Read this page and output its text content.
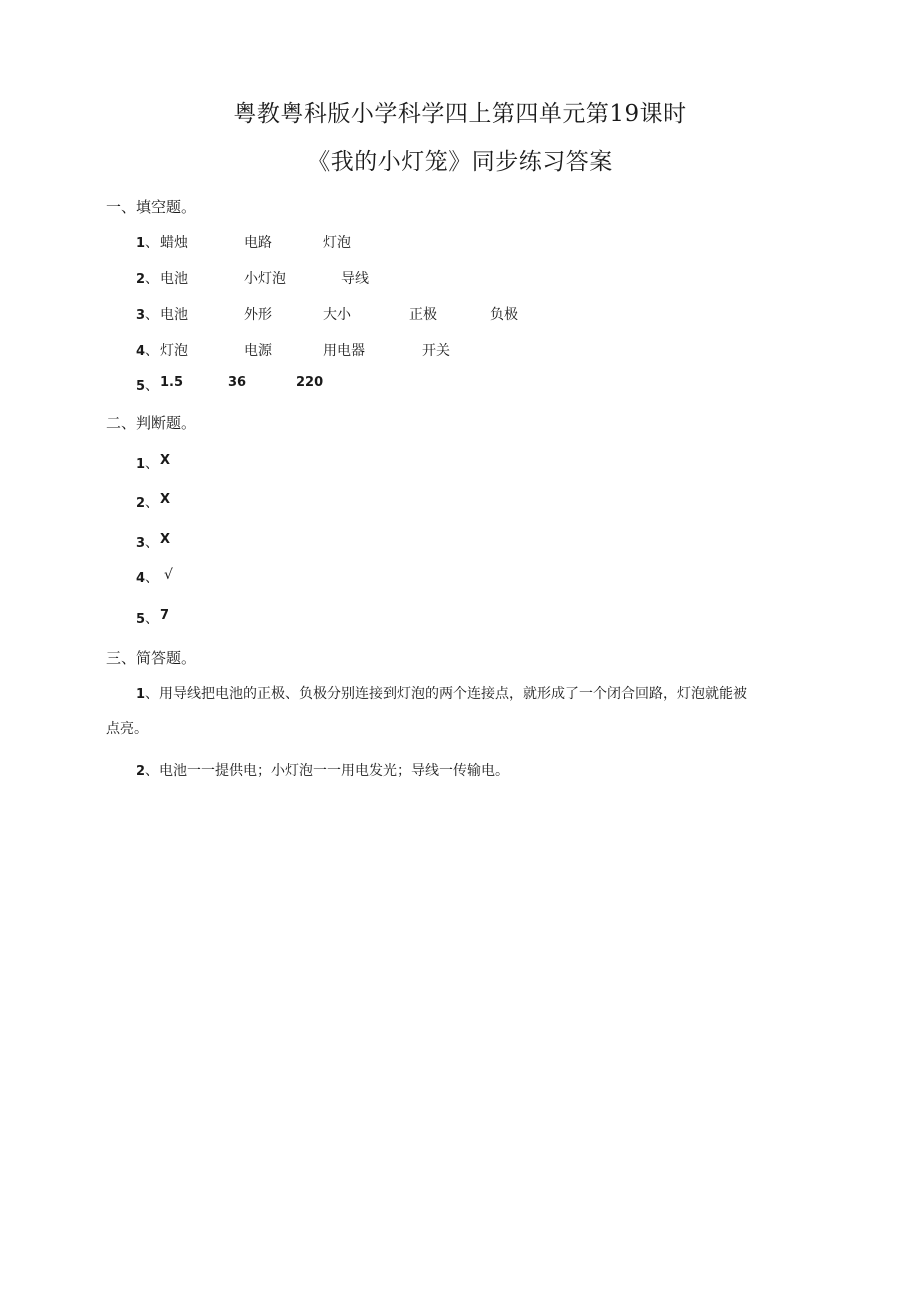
粤教粤科版小学科学四上第四单元第19课时
《我的小灯笼》同步练习答案
一、填空题。
1、 蜡烛	电路	灯泡
2、 电池	小灯泡	导线
3、 电池	外形	大小	正极	负极
4、 灯泡	电源	用电器	开关
5、 1.5	36	220
二、判断题。
1、 X
2、 X
3、 X
4、 √
5、 7
三、简答题。
1、用导线把电池的正极、负极分别连接到灯泡的两个连接点，就形成了一个闭合回路，灯泡就能被
点亮。
2、电池一一提供电；小灯泡一一用电发光；导线一传输电。
